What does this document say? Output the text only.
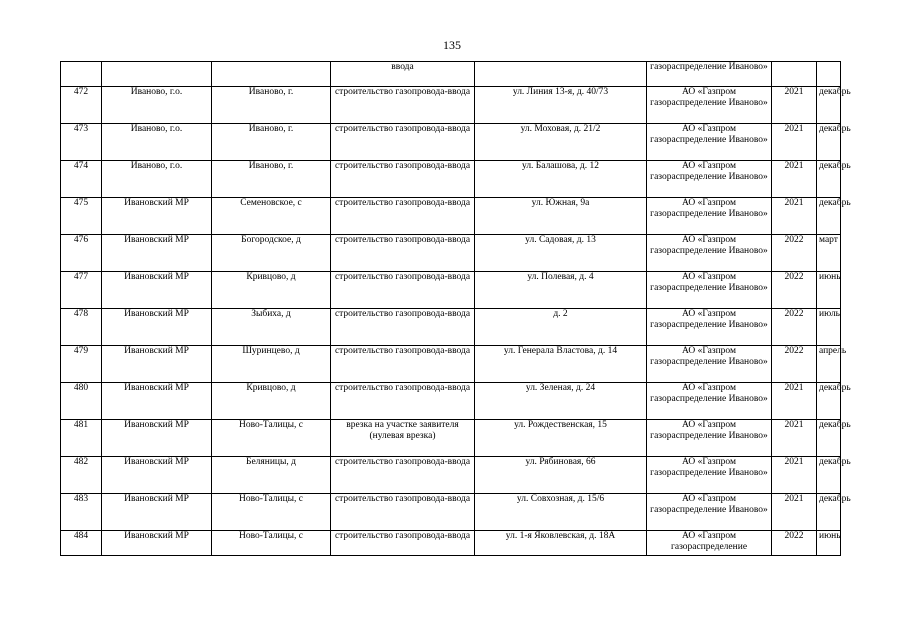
135
			ввода		газораспределение Иваново»		
472	Иваново, г.о.	Иваново, г.	строительство газопровода-ввода	ул. Линия 13-я, д. 40/73	АО «Газпром газораспределение Иваново»	2021	декабрь
473	Иваново, г.о.	Иваново, г.	строительство газопровода-ввода	ул. Моховая, д. 21/2	АО «Газпром газораспределение Иваново»	2021	декабрь
474	Иваново, г.о.	Иваново, г.	строительство газопровода-ввода	ул. Балашова, д. 12	АО «Газпром газораспределение Иваново»	2021	декабрь
475	Ивановский МР	Семеновское, с	строительство газопровода-ввода	ул. Южная, 9а	АО «Газпром газораспределение Иваново»	2021	декабрь
476	Ивановский МР	Богородское, д	строительство газопровода-ввода	ул. Садовая, д. 13	АО «Газпром газораспределение Иваново»	2022	март
477	Ивановский МР	Кривцово, д	строительство газопровода-ввода	ул. Полевая, д. 4	АО «Газпром газораспределение Иваново»	2022	июнь
478	Ивановский МР	Зыбиха, д	строительство газопровода-ввода	д. 2	АО «Газпром газораспределение Иваново»	2022	июль
479	Ивановский МР	Шуринцево, д	строительство газопровода-ввода	ул. Генерала Властова, д. 14	АО «Газпром газораспределение Иваново»	2022	апрель
480	Ивановский МР	Кривцово, д	строительство газопровода-ввода	ул. Зеленая, д. 24	АО «Газпром газораспределение Иваново»	2021	декабрь
481	Ивановский МР	Ново-Талицы, с	врезка на участке заявителя (нулевая врезка)	ул. Рождественская, 15	АО «Газпром газораспределение Иваново»	2021	декабрь
482	Ивановский МР	Беляницы, д	строительство газопровода-ввода	ул. Рябиновая, 66	АО «Газпром газораспределение Иваново»	2021	декабрь
483	Ивановский МР	Ново-Талицы, с	строительство газопровода-ввода	ул. Совхозная, д. 15/6	АО «Газпром газораспределение Иваново»	2021	декабрь
484	Ивановский МР	Ново-Талицы, с	строительство газопровода-ввода	ул. 1-я Яковлевская, д. 18А	АО «Газпром газораспределение	2022	июнь
